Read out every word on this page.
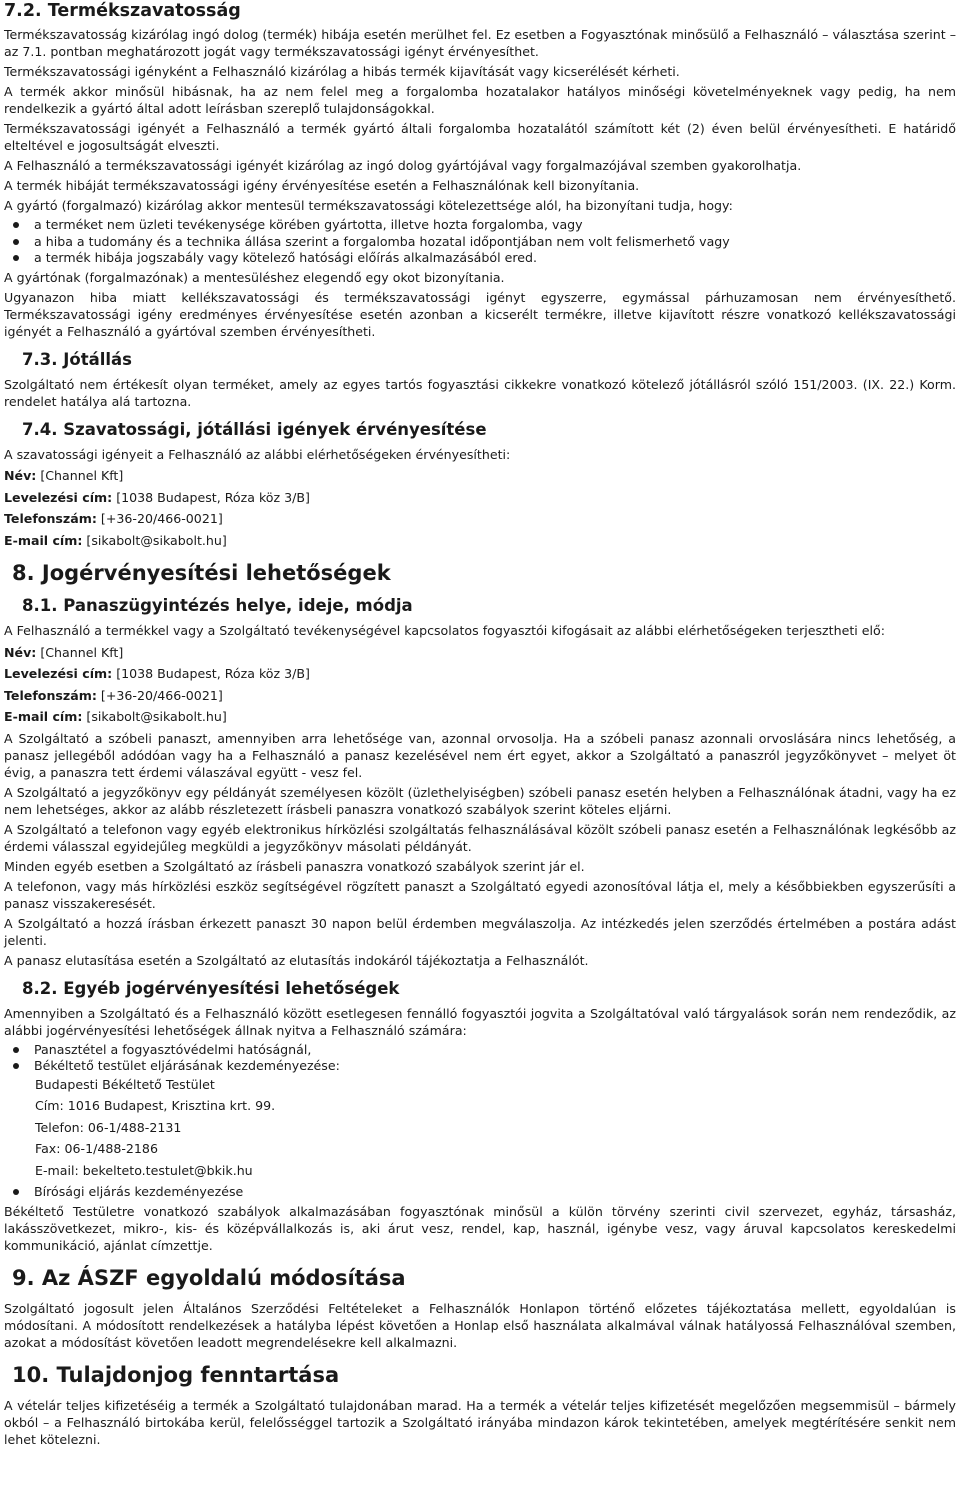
7.2. Termékszavatosság

Termékszavatosság kizárólag ingó dolog (termék) hibája esetén merülhet fel. Ez esetben a Fogyasztónak minősülő a Felhasználó – választása szerint – az 7.1. pontban meghatározott jogát vagy termékszavatossági igényt érvényesíthet.

Termékszavatossági igényként a Felhasználó kizárólag a hibás termék kijavítását vagy kicserélését kérheti.

A termék akkor minősül hibásnak, ha az nem felel meg a forgalomba hozatalakor hatályos minőségi követelményeknek vagy pedig, ha nem rendelkezik a gyártó által adott leírásban szereplő tulajdonságokkal.

Termékszavatossági igényét a Felhasználó a termék gyártó általi forgalomba hozatalától számított két (2) éven belül érvényesítheti. E határidő elteltével e jogosultságát elveszti.

A Felhasználó a termékszavatossági igényét kizárólag az ingó dolog gyártójával vagy forgalmazójával szemben gyakorolhatja.

A termék hibáját termékszavatossági igény érvényesítése esetén a Felhasználónak kell bizonyítania.

A gyártó (forgalmazó) kizárólag akkor mentesül termékszavatossági kötelezettsége alól, ha bizonyítani tudja, hogy:

a terméket nem üzleti tevékenysége körében gyártotta, illetve hozta forgalomba, vagy
a hiba a tudomány és a technika állása szerint a forgalomba hozatal időpontjában nem volt felismerhető vagy
a termék hibája jogszabály vagy kötelező hatósági előírás alkalmazásából ered.

A gyártónak (forgalmazónak) a mentesüléshez elegendő egy okot bizonyítania.

Ugyanazon hiba miatt kellékszavatossági és termékszavatossági igényt egyszerre, egymással párhuzamosan nem érvényesíthető. Termékszavatossági igény eredményes érvényesítése esetén azonban a kicserélt termékre, illetve kijavított részre vonatkozó kellékszavatossági igényét a Felhasználó a gyártóval szemben érvényesítheti.

7.3. Jótállás

Szolgáltató nem értékesít olyan terméket, amely az egyes tartós fogyasztási cikkekre vonatkozó kötelező jótállásról szóló 151/2003. (IX. 22.) Korm. rendelet hatálya alá tartozna.

7.4. Szavatossági, jótállási igények érvényesítése

A szavatossági igényeit a Felhasználó az alábbi elérhetőségeken érvényesítheti:

Név: [Channel Kft]

Levelezési cím: [1038 Budapest, Róza köz 3/B]

Telefonszám: [+36-20/466-0021]

E-mail cím: [sikabolt@sikabolt.hu]

8. Jogérvényesítési lehetőségek
8.1. Panaszügyintézés helye, ideje, módja

A Felhasználó a termékkel vagy a Szolgáltató tevékenységével kapcsolatos fogyasztói kifogásait az alábbi elérhetőségeken terjesztheti elő:

Név: [Channel Kft]

Levelezési cím: [1038 Budapest, Róza köz 3/B]

Telefonszám: [+36-20/466-0021]

E-mail cím: [sikabolt@sikabolt.hu]

A Szolgáltató a szóbeli panaszt, amennyiben arra lehetősége van, azonnal orvosolja. Ha a szóbeli panasz azonnali orvoslására nincs lehetőség, a panasz jellegéből adódóan vagy ha a Felhasználó a panasz kezelésével nem ért egyet, akkor a Szolgáltató a panaszról jegyzőkönyvet – melyet öt évig, a panaszra tett érdemi válaszával együtt - vesz fel.

A Szolgáltató a jegyzőkönyv egy példányát személyesen közölt (üzlethelyiségben) szóbeli panasz esetén helyben a Felhasználónak átadni, vagy ha ez nem lehetséges, akkor az alább részletezett írásbeli panaszra vonatkozó szabályok szerint köteles eljárni.

A Szolgáltató a telefonon vagy egyéb elektronikus hírközlési szolgáltatás felhasználásával közölt szóbeli panasz esetén a Felhasználónak legkésőbb az érdemi válasszal egyidejűleg megküldi a jegyzőkönyv másolati példányát.

Minden egyéb esetben a Szolgáltató az írásbeli panaszra vonatkozó szabályok szerint jár el.

A telefonon, vagy más hírközlési eszköz segítségével rögzített panaszt a Szolgáltató egyedi azonosítóval látja el, mely a későbbiekben egyszerűsíti a panasz visszakeresését.

A Szolgáltató a hozzá írásban érkezett panaszt 30 napon belül érdemben megválaszolja. Az intézkedés jelen szerződés értelmében a postára adást jelenti.

A panasz elutasítása esetén a Szolgáltató az elutasítás indokáról tájékoztatja a Felhasználót.

8.2. Egyéb jogérvényesítési lehetőségek

Amennyiben a Szolgáltató és a Felhasználó között esetlegesen fennálló fogyasztói jogvita a Szolgáltatóval való tárgyalások során nem rendeződik, az alábbi jogérvényesítési lehetőségek állnak nyitva a Felhasználó számára:

Panasztétel a fogyasztóvédelmi hatóságnál,
Békéltető testület eljárásának kezdeményezése:

Budapesti Békéltető Testület

Cím: 1016 Budapest, Krisztina krt. 99.

Telefon: 06-1/488-2131

Fax: 06-1/488-2186

E-mail: bekelteto.testulet@bkik.hu

Bírósági eljárás kezdeményezése

Békéltető Testületre vonatkozó szabályok alkalmazásában fogyasztónak minősül a külön törvény szerinti civil szervezet, egyház, társasház, lakásszövetkezet, mikro-, kis- és középvállalkozás is, aki árut vesz, rendel, kap, használ, igénybe vesz, vagy áruval kapcsolatos kereskedelmi kommunikáció, ajánlat címzettje.

9. Az ÁSZF egyoldalú módosítása

Szolgáltató jogosult jelen Általános Szerződési Feltételeket a Felhasználók Honlapon történő előzetes tájékoztatása mellett, egyoldalúan is módosítani. A módosított rendelkezések a hatályba lépést követően a Honlap első használata alkalmával válnak hatályossá Felhasználóval szemben, azokat a módosítást követően leadott megrendelésekre kell alkalmazni.

10. Tulajdonjog fenntartása

A vételár teljes kifizetéséig a termék a Szolgáltató tulajdonában marad. Ha a termék a vételár teljes kifizetését megelőzően megsemmisül – bármely okból – a Felhasználó birtokába kerül, felelősséggel tartozik a Szolgáltató irányába mindazon károk tekintetében, amelyek megtérítésére senkit nem lehet kötelezni.
